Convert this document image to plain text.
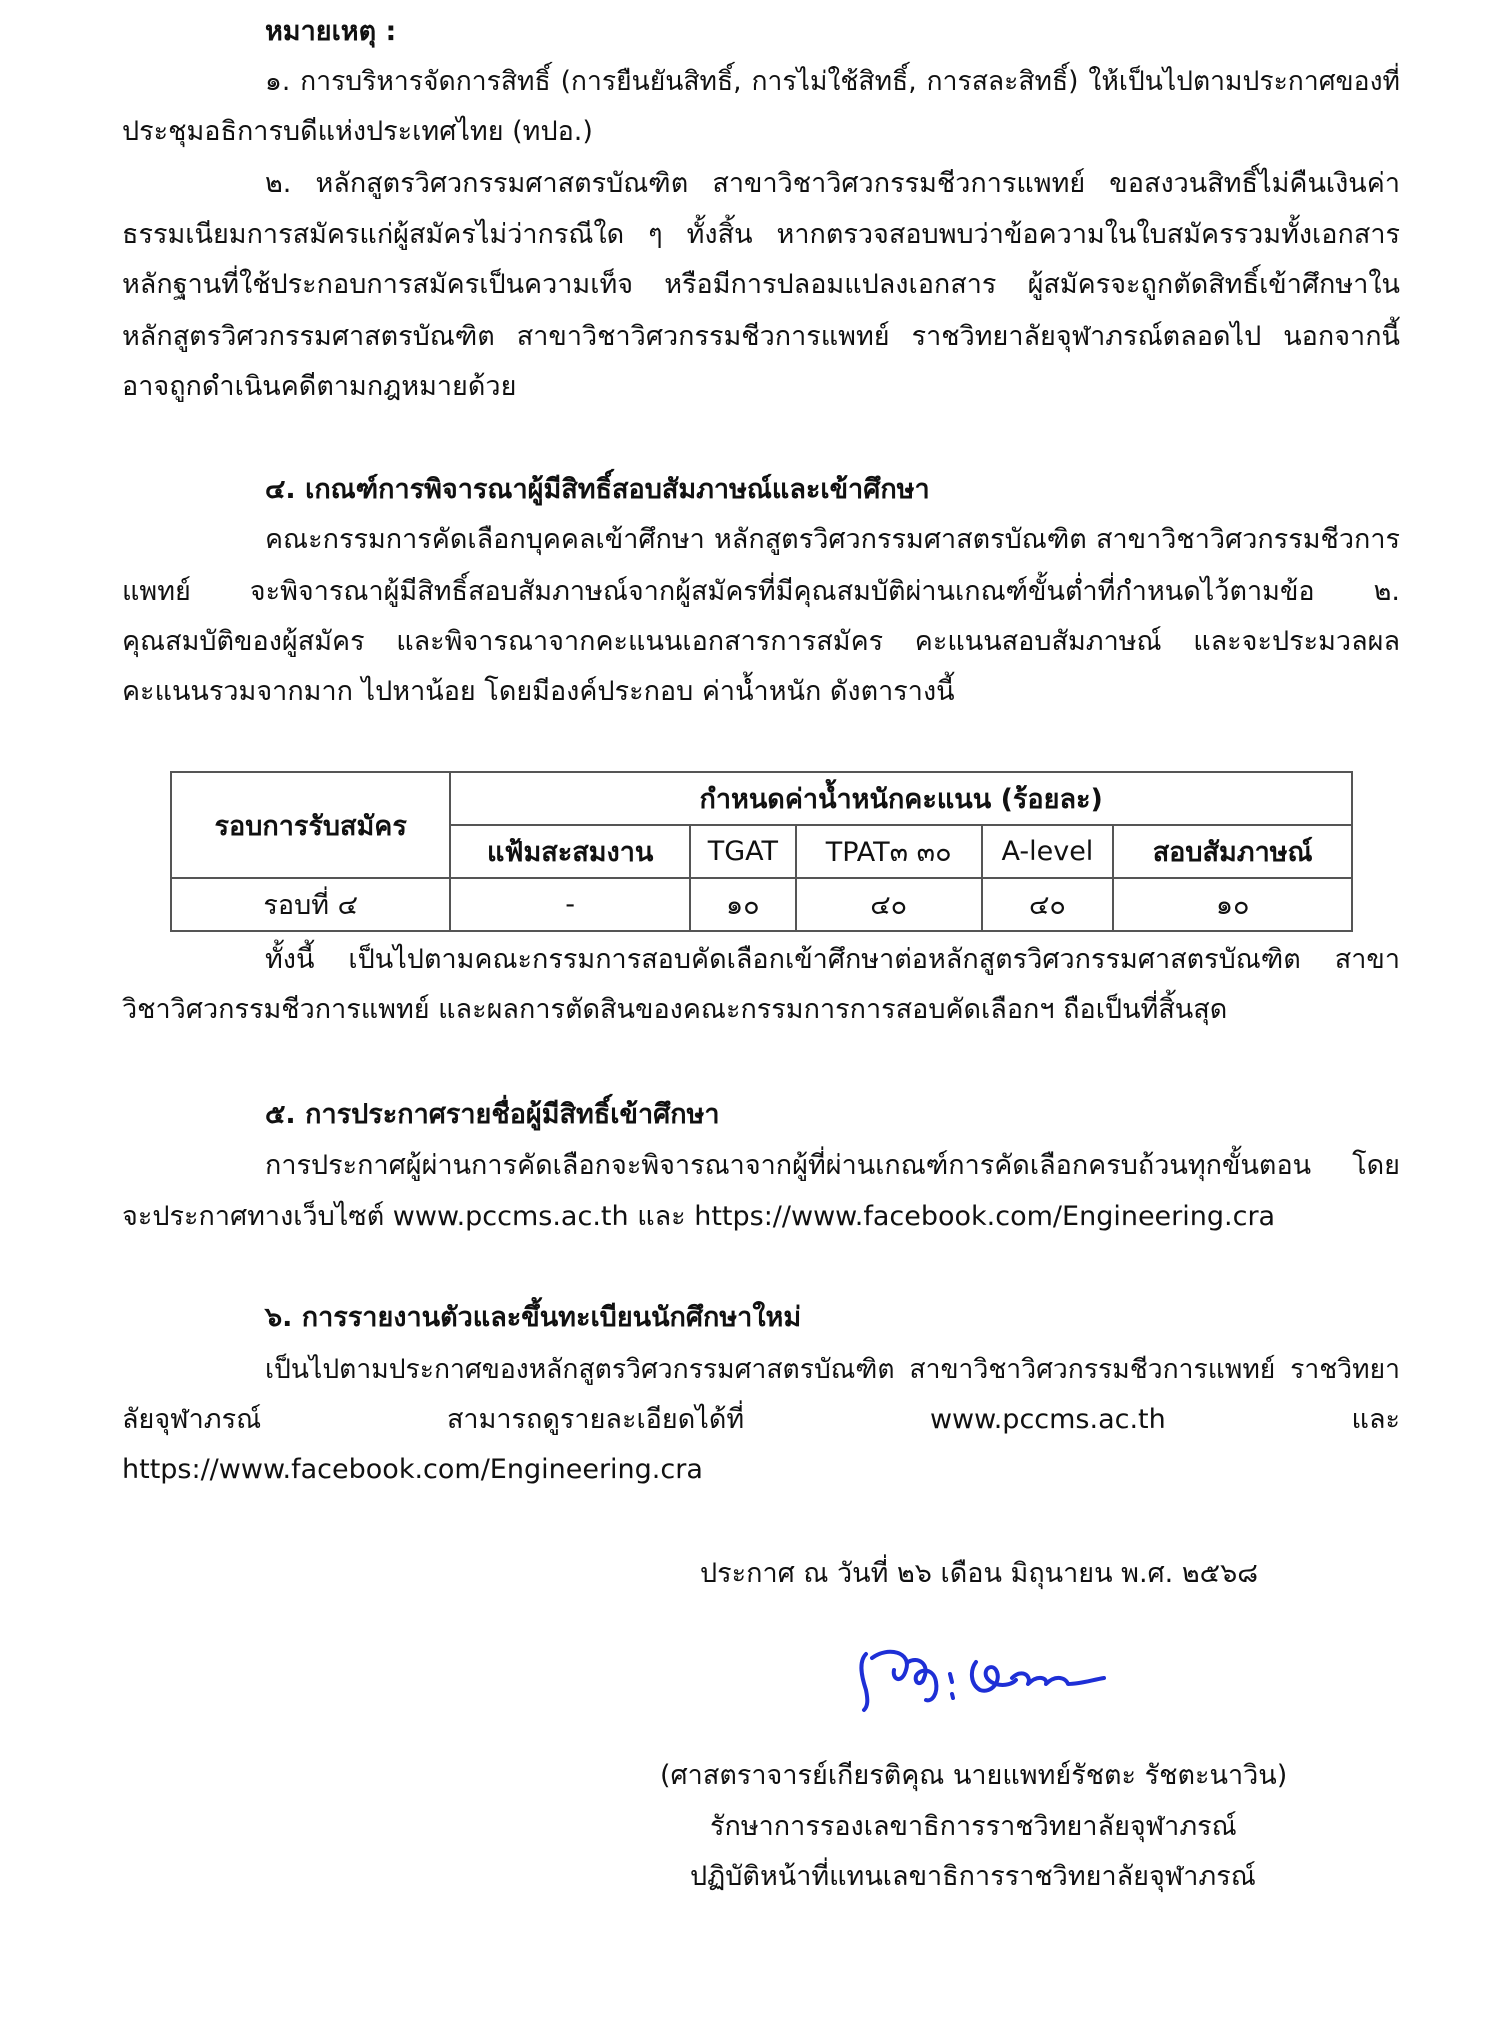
หมายเหตุ :
๑. การบริหารจัดการสิทธิ์ (การยืนยันสิทธิ์, การไม่ใช้สิทธิ์, การสละสิทธิ์) ให้เป็นไปตามประกาศของที่
ประชุมอธิการบดีแห่งประเทศไทย (ทปอ.)
๒. หลักสูตรวิศวกรรมศาสตรบัณฑิต สาขาวิชาวิศวกรรมชีวการแพทย์ ขอสงวนสิทธิ์ไม่คืนเงินค่า
ธรรมเนียมการสมัครแก่ผู้สมัครไม่ว่ากรณีใด ๆ ทั้งสิ้น หากตรวจสอบพบว่าข้อความในใบสมัครรวมทั้งเอกสาร
หลักฐานที่ใช้ประกอบการสมัครเป็นความเท็จ หรือมีการปลอมแปลงเอกสาร ผู้สมัครจะถูกตัดสิทธิ์เข้าศึกษาใน
หลักสูตรวิศวกรรมศาสตรบัณฑิต สาขาวิชาวิศวกรรมชีวการแพทย์ ราชวิทยาลัยจุฬาภรณ์ตลอดไป นอกจากนี้
อาจถูกดำเนินคดีตามกฎหมายด้วย
๔. เกณฑ์การพิจารณาผู้มีสิทธิ์สอบสัมภาษณ์และเข้าศึกษา
คณะกรรมการคัดเลือกบุคคลเข้าศึกษา หลักสูตรวิศวกรรมศาสตรบัณฑิต สาขาวิชาวิศวกรรมชีวการ
แพทย์ จะพิจารณาผู้มีสิทธิ์สอบสัมภาษณ์จากผู้สมัครที่มีคุณสมบัติผ่านเกณฑ์ขั้นต่ำที่กำหนดไว้ตามข้อ ๒.
คุณสมบัติของผู้สมัคร และพิจารณาจากคะแนนเอกสารการสมัคร คะแนนสอบสัมภาษณ์ และจะประมวลผล
คะแนนรวมจากมาก ไปหาน้อย โดยมีองค์ประกอบ ค่าน้ำหนัก ดังตารางนี้
รอบการรับสมัคร	กำหนดค่าน้ำหนักคะแนน (ร้อยละ)				
	แฟ้มสะสมงาน	TGAT	TPAT๓ ๓๐	A-level	สอบสัมภาษณ์
รอบที่ ๔	-	๑๐	๔๐	๔๐	๑๐
ทั้งนี้ เป็นไปตามคณะกรรมการสอบคัดเลือกเข้าศึกษาต่อหลักสูตรวิศวกรรมศาสตรบัณฑิต สาขา
วิชาวิศวกรรมชีวการแพทย์ และผลการตัดสินของคณะกรรมการการสอบคัดเลือกฯ ถือเป็นที่สิ้นสุด
๕. การประกาศรายชื่อผู้มีสิทธิ์เข้าศึกษา
การประกาศผู้ผ่านการคัดเลือกจะพิจารณาจากผู้ที่ผ่านเกณฑ์การคัดเลือกครบถ้วนทุกขั้นตอน โดย
จะประกาศทางเว็บไซต์ www.pccms.ac.th และ https://www.facebook.com/Engineering.cra
๖. การรายงานตัวและขึ้นทะเบียนนักศึกษาใหม่
เป็นไปตามประกาศของหลักสูตรวิศวกรรมศาสตรบัณฑิต สาขาวิชาวิศวกรรมชีวการแพทย์ ราชวิทยา
ลัยจุฬาภรณ์ สามารถดูรายละเอียดได้ที่ www.pccms.ac.th และ
https://www.facebook.com/Engineering.cra
ประกาศ ณ วันที่ ๒๖ เดือน มิถุนายน พ.ศ. ๒๕๖๘
(ศาสตราจารย์เกียรติคุณ นายแพทย์รัชตะ รัชตะนาวิน)
รักษาการรองเลขาธิการราชวิทยาลัยจุฬาภรณ์
ปฏิบัติหน้าที่แทนเลขาธิการราชวิทยาลัยจุฬาภรณ์
